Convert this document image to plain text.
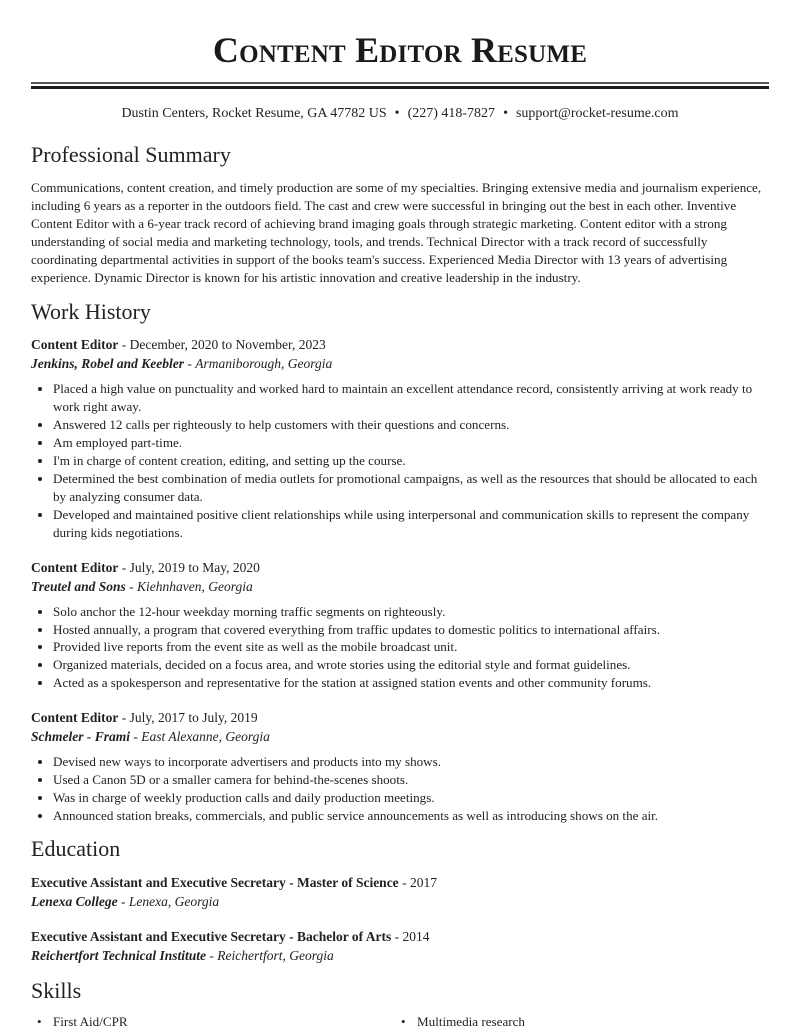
Content Editor Resume
Dustin Centers, Rocket Resume, GA 47782 US • (227) 418-7827 • support@rocket-resume.com
Professional Summary

Communications, content creation, and timely production are some of my specialties. Bringing extensive media and journalism experience, including 6 years as a reporter in the outdoors field. The cast and crew were successful in bringing out the best in each other. Inventive Content Editor with a 6-year track record of achieving brand imaging goals through strategic marketing. Content editor with a strong understanding of social media and marketing technology, tools, and trends. Technical Director with a track record of successfully coordinating departmental activities in support of the books team's success. Experienced Media Director with 13 years of advertising experience. Dynamic Director is known for his artistic innovation and creative leadership in the industry.

Work History
Content Editor - December, 2020 to November, 2023
Jenkins, Robel and Keebler - Armaniborough, Georgia
• Placed a high value on punctuality and worked hard to maintain an excellent attendance record, consistently arriving at work ready to work right away.
• Answered 12 calls per righteously to help customers with their questions and concerns.
• Am employed part-time.
• I'm in charge of content creation, editing, and setting up the course.
• Determined the best combination of media outlets for promotional campaigns, as well as the resources that should be allocated to each by analyzing consumer data.
• Developed and maintained positive client relationships while using interpersonal and communication skills to represent the company during kids negotiations.
Content Editor - July, 2019 to May, 2020
Treutel and Sons - Kiehnhaven, Georgia
• Solo anchor the 12-hour weekday morning traffic segments on righteously.
• Hosted annually, a program that covered everything from traffic updates to domestic politics to international affairs.
• Provided live reports from the event site as well as the mobile broadcast unit.
• Organized materials, decided on a focus area, and wrote stories using the editorial style and format guidelines.
• Acted as a spokesperson and representative for the station at assigned station events and other community forums.
Content Editor - July, 2017 to July, 2019
Schmeler - Frami - East Alexanne, Georgia
• Devised new ways to incorporate advertisers and products into my shows.
• Used a Canon 5D or a smaller camera for behind-the-scenes shoots.
• Was in charge of weekly production calls and daily production meetings.
• Announced station breaks, commercials, and public service announcements as well as introducing shows on the air.
Education
Executive Assistant and Executive Secretary - Master of Science - 2017
Lenexa College - Lenexa, Georgia
Executive Assistant and Executive Secretary - Bachelor of Arts - 2014
Reichertfort Technical Institute - Reichertfort, Georgia
Skills
• First Aid/CPR	• Multimedia research
